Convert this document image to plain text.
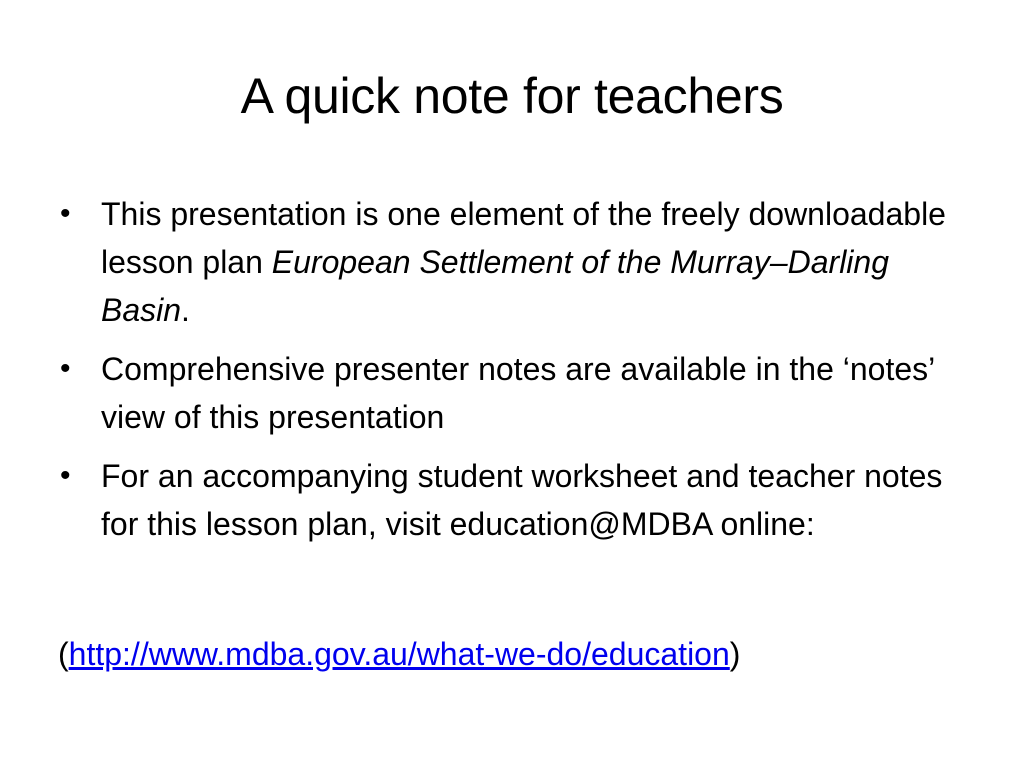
A quick note for teachers
• This presentation is one element of the freely downloadable lesson plan European Settlement of the Murray–Darling Basin.
• Comprehensive presenter notes are available in the ‘notes’ view of this presentation
• For an accompanying student worksheet and teacher notes for this lesson plan, visit education@MDBA online:
(http://www.mdba.gov.au/what-we-do/education)
